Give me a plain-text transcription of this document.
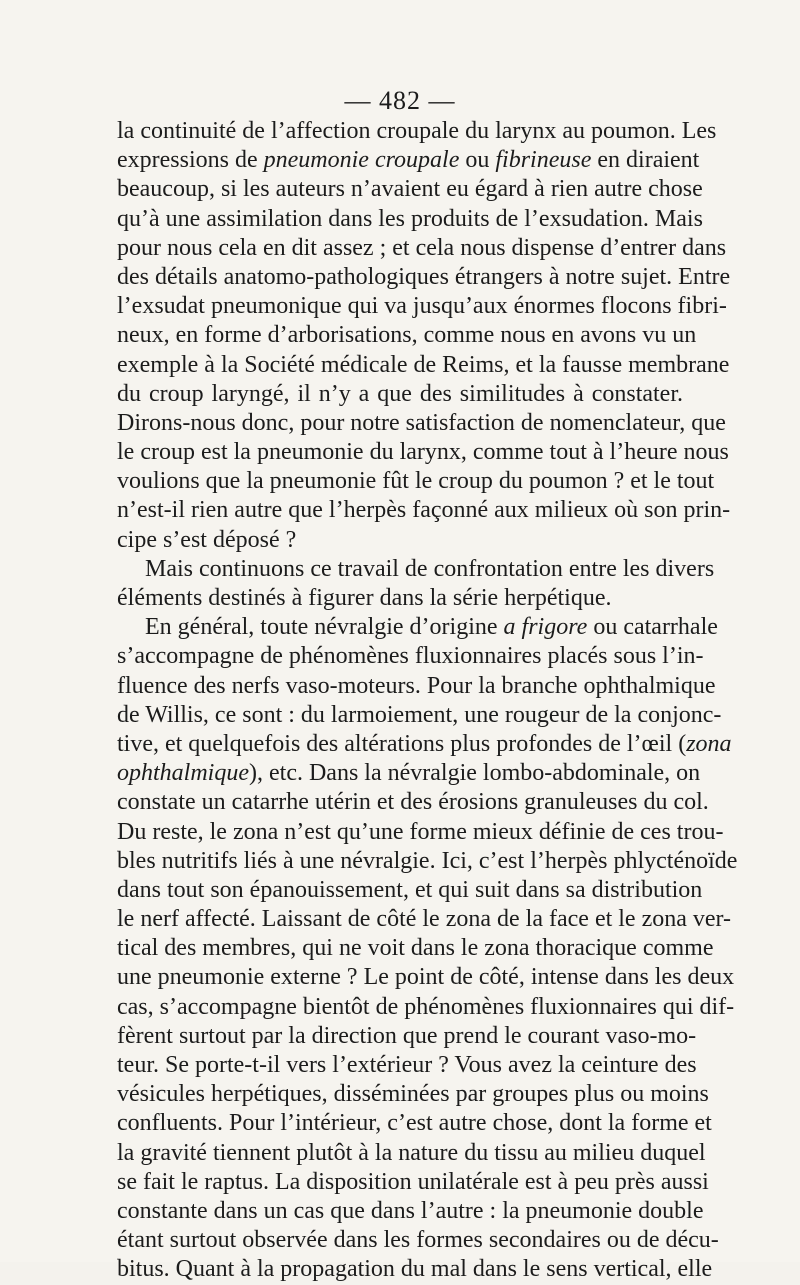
— 482 —
la continuité de l’affection croupale du larynx au poumon. Les
expressions de pneumonie croupale ou fibrineuse en diraient
beaucoup, si les auteurs n’avaient eu égard à rien autre chose
qu’à une assimilation dans les produits de l’exsudation. Mais
pour nous cela en dit assez ; et cela nous dispense d’entrer dans
des détails anatomo-pathologiques étrangers à notre sujet. Entre
l’exsudat pneumonique qui va jusqu’aux énormes flocons fibri-
neux, en forme d’arborisations, comme nous en avons vu un
exemple à la Société médicale de Reims, et la fausse membrane
du croup laryngé, il n’y a que des similitudes à constater.
Dirons-nous donc, pour notre satisfaction de nomenclateur, que
le croup est la pneumonie du larynx, comme tout à l’heure nous
voulions que la pneumonie fût le croup du poumon ? et le tout
n’est-il rien autre que l’herpès façonné aux milieux où son prin-
cipe s’est déposé ?
Mais continuons ce travail de confrontation entre les divers
éléments destinés à figurer dans la série herpétique.
En général, toute névralgie d’origine a frigore ou catarrhale
s’accompagne de phénomènes fluxionnaires placés sous l’in-
fluence des nerfs vaso-moteurs. Pour la branche ophthalmique
de Willis, ce sont : du larmoiement, une rougeur de la conjonc-
tive, et quelquefois des altérations plus profondes de l’œil (zona
ophthalmique), etc. Dans la névralgie lombo-abdominale, on
constate un catarrhe utérin et des érosions granuleuses du col.
Du reste, le zona n’est qu’une forme mieux définie de ces trou-
bles nutritifs liés à une névralgie. Ici, c’est l’herpès phlycténoïde
dans tout son épanouissement, et qui suit dans sa distribution
le nerf affecté. Laissant de côté le zona de la face et le zona ver-
tical des membres, qui ne voit dans le zona thoracique comme
une pneumonie externe ? Le point de côté, intense dans les deux
cas, s’accompagne bientôt de phénomènes fluxionnaires qui dif-
fèrent surtout par la direction que prend le courant vaso-mo-
teur. Se porte-t-il vers l’extérieur ? Vous avez la ceinture des
vésicules herpétiques, disséminées par groupes plus ou moins
confluents. Pour l’intérieur, c’est autre chose, dont la forme et
la gravité tiennent plutôt à la nature du tissu au milieu duquel
se fait le raptus. La disposition unilatérale est à peu près aussi
constante dans un cas que dans l’autre : la pneumonie double
étant surtout observée dans les formes secondaires ou de décu-
bitus. Quant à la propagation du mal dans le sens vertical, elle
